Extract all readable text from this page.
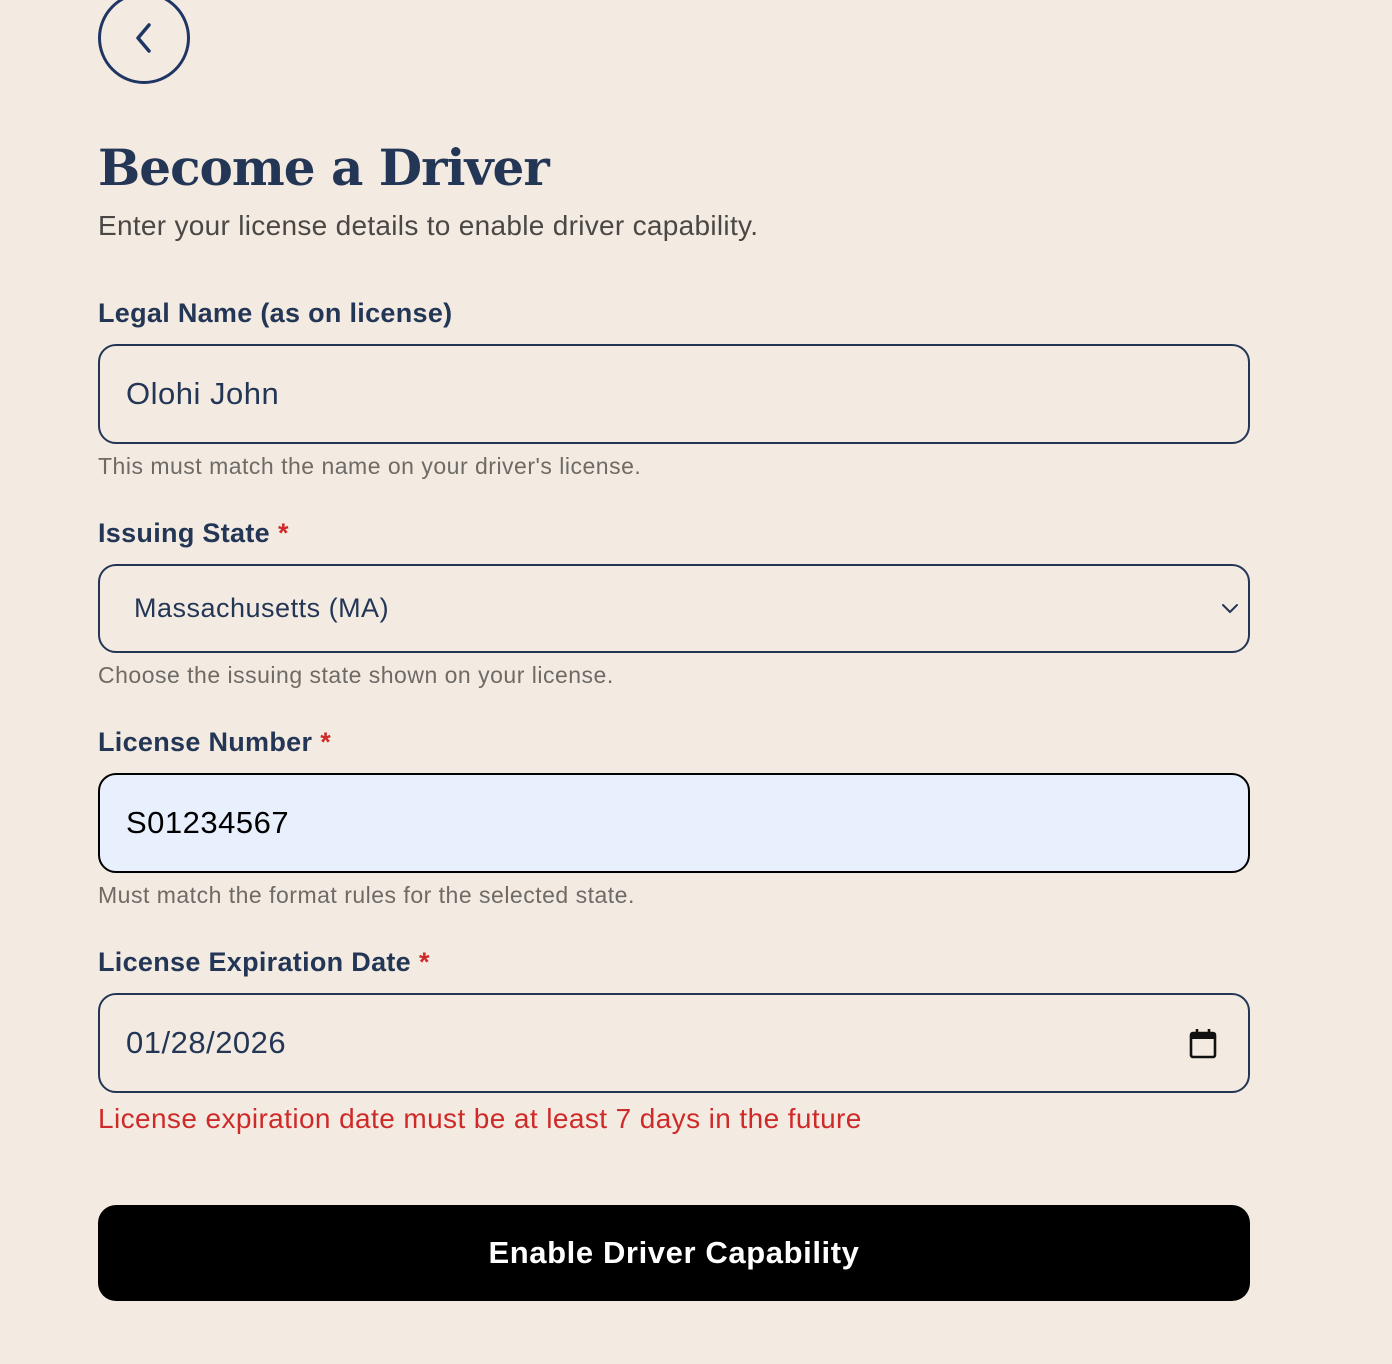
Become a Driver

Enter your license details to enable driver capability.

Legal Name (as on license)
Olohi John
This must match the name on your driver's license.
Issuing State *
Massachusetts (MA)
Choose the issuing state shown on your license.
License Number *
S01234567
Must match the format rules for the selected state.
License Expiration Date *
01/28/2026
License expiration date must be at least 7 days in the future
Enable Driver Capability
